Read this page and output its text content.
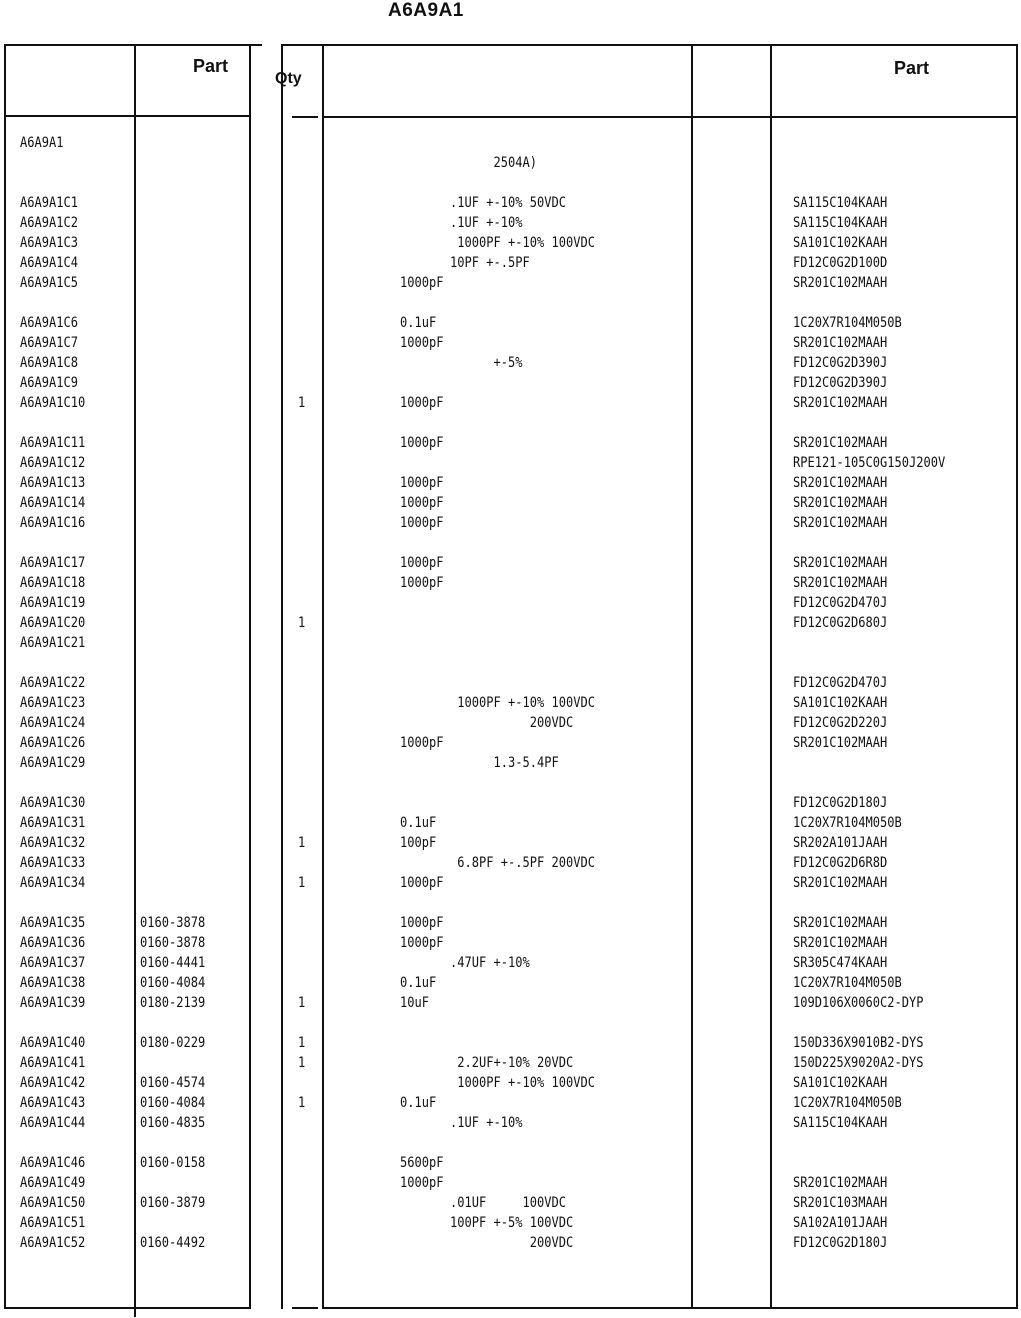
A6A9A1
Part
Qty
Part
A6A9A1
2504A)
A6A9A1C1	.1UF +-10% 50VDC	SA115C104KAAH
A6A9A1C2	.1UF +-10%	SA115C104KAAH
A6A9A1C3	1000PF +-10% 100VDC	SA101C102KAAH
A6A9A1C4	10PF +-.5PF	FD12C0G2D100D
A6A9A1C5	1000pF	SR201C102MAAH
A6A9A1C6	0.1uF	1C20X7R104M050B
A6A9A1C7	1000pF	SR201C102MAAH
A6A9A1C8	+-5%	FD12C0G2D390J
A6A9A1C9	FD12C0G2D390J
A6A9A1C10	1	1000pF	SR201C102MAAH
A6A9A1C11	1000pF	SR201C102MAAH
A6A9A1C12	RPE121-105C0G150J200V
A6A9A1C13	1000pF	SR201C102MAAH
A6A9A1C14	1000pF	SR201C102MAAH
A6A9A1C16	1000pF	SR201C102MAAH
A6A9A1C17	1000pF	SR201C102MAAH
A6A9A1C18	1000pF	SR201C102MAAH
A6A9A1C19	FD12C0G2D470J
A6A9A1C20	1	FD12C0G2D680J
A6A9A1C21
A6A9A1C22	FD12C0G2D470J
A6A9A1C23	1000PF +-10% 100VDC	SA101C102KAAH
A6A9A1C24	200VDC	FD12C0G2D220J
A6A9A1C26	1000pF	SR201C102MAAH
A6A9A1C29	1.3-5.4PF
A6A9A1C30	FD12C0G2D180J
A6A9A1C31	0.1uF	1C20X7R104M050B
A6A9A1C32	1	100pF	SR202A101JAAH
A6A9A1C33	6.8PF +-.5PF 200VDC	FD12C0G2D6R8D
A6A9A1C34	1	1000pF	SR201C102MAAH
A6A9A1C35	0160-3878	1000pF	SR201C102MAAH
A6A9A1C36	0160-3878	1000pF	SR201C102MAAH
A6A9A1C37	0160-4441	.47UF +-10%	SR305C474KAAH
A6A9A1C38	0160-4084	0.1uF	1C20X7R104M050B
A6A9A1C39	0180-2139	1	10uF	109D106X0060C2-DYP
A6A9A1C40	0180-0229	1	150D336X9010B2-DYS
A6A9A1C41	1	2.2UF+-10% 20VDC	150D225X9020A2-DYS
A6A9A1C42	0160-4574	1000PF +-10% 100VDC	SA101C102KAAH
A6A9A1C43	0160-4084	1	0.1uF	1C20X7R104M050B
A6A9A1C44	0160-4835	.1UF +-10%	SA115C104KAAH
A6A9A1C46	0160-0158	5600pF
A6A9A1C49	1000pF	SR201C102MAAH
A6A9A1C50	0160-3879	.01UF     100VDC	SR201C103MAAH
A6A9A1C51	100PF +-5% 100VDC	SA102A101JAAH
A6A9A1C52	0160-4492	200VDC	FD12C0G2D180J
